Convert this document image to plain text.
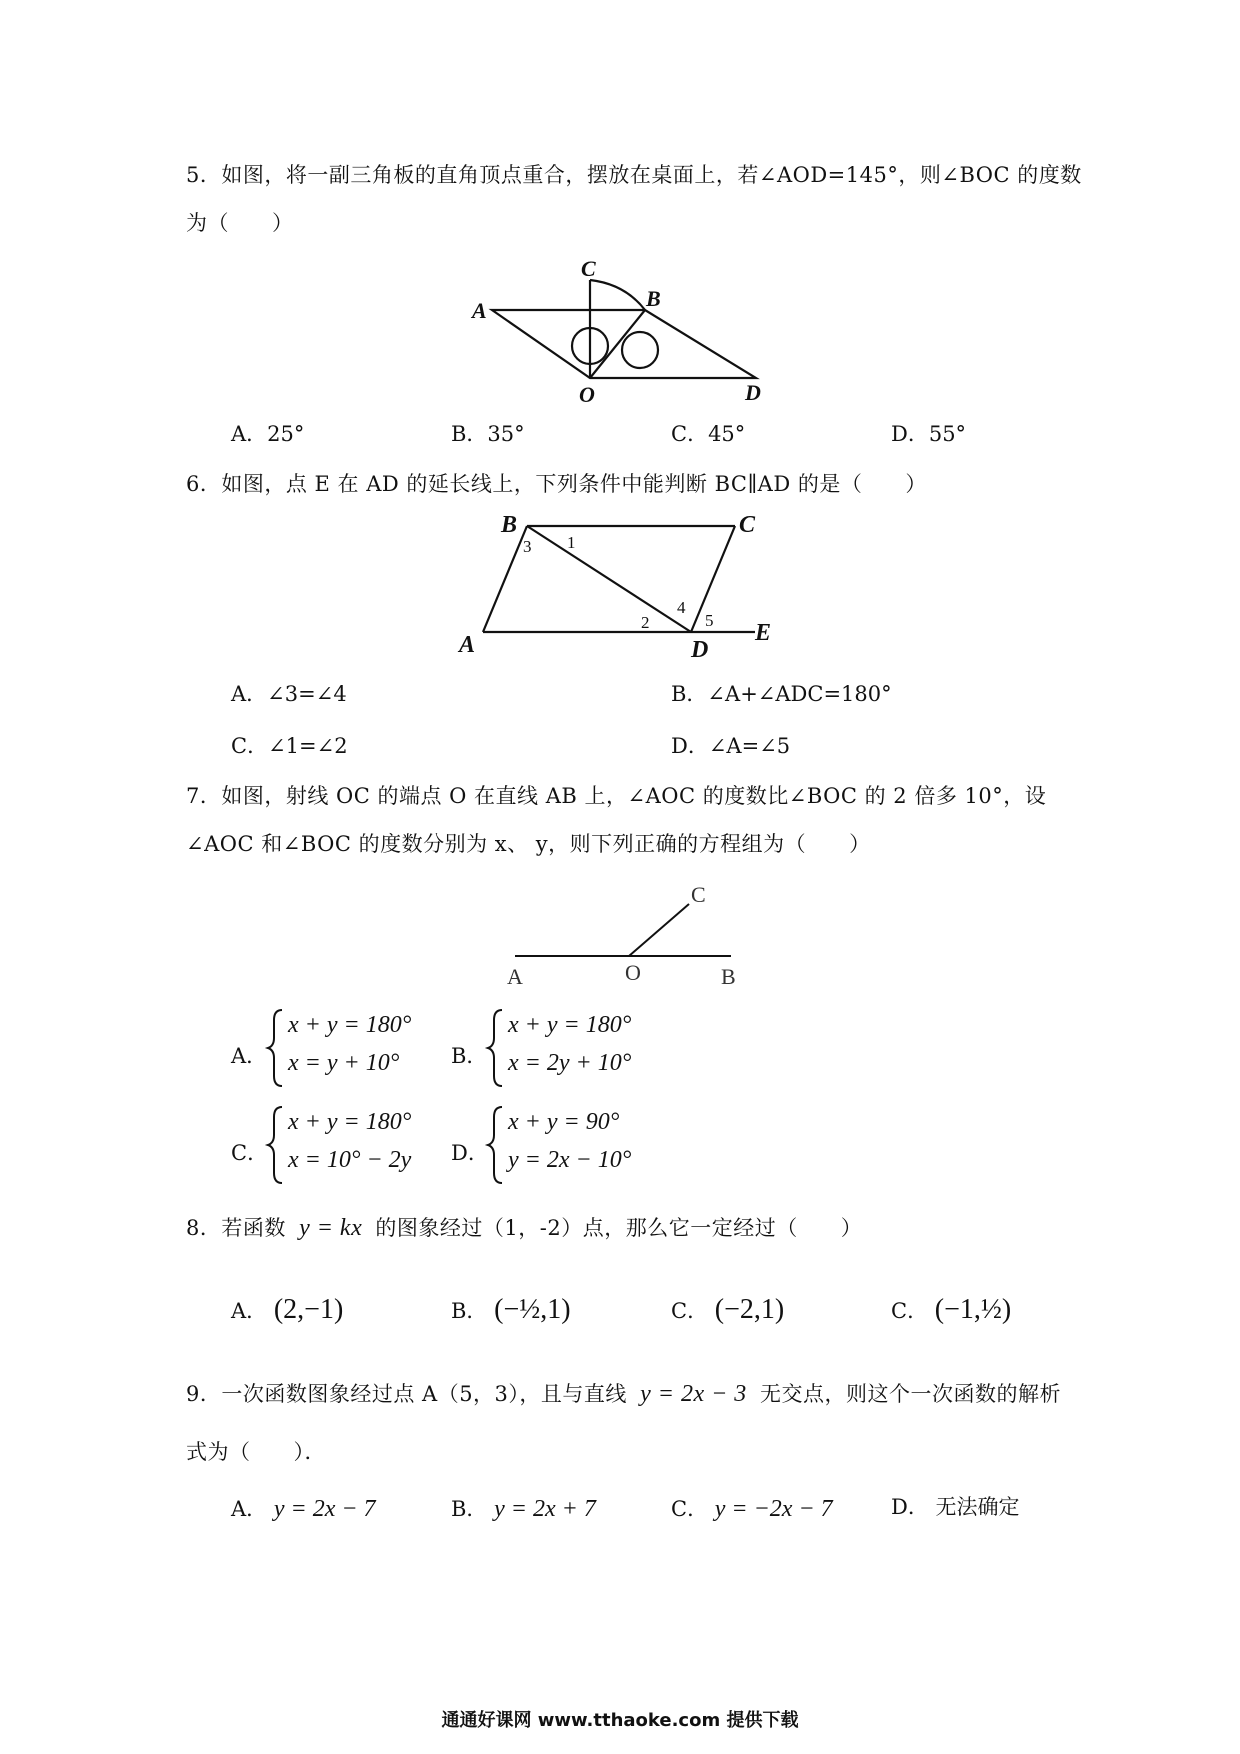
5．如图，将一副三角板的直角顶点重合，摆放在桌面上，若∠AOD=145°，则∠BOC 的度数
为（　　）
A	B
C
D
O
A．25°	B．35°	C．45°	D．55°
6．如图，点 E 在 AD 的延长线上，下列条件中能判断 BC∥AD 的是（　　）
B	C
A	D
E
1
3
2
4
5
A．∠3=∠4	B．∠A+∠ADC=180°
C．∠1=∠2	D．∠A=∠5
7．如图，射线 OC 的端点 O 在直线 AB 上，∠AOC 的度数比∠BOC 的 2 倍多 10°，设
∠AOC 和∠BOC 的度数分别为 x、 y，则下列正确的方程组为（　　）
A	O	B
C
A．
x + y = 180°
x = y + 10° B．
x + y = 180°
x = 2y + 10°
C．
x + y = 180°
x = 10° − 2y D．
x + y = 90°
y = 2x − 10°
8．若函数 y = kx 的图象经过（1，-2）点，那么它一定经过（　　）
A． (2,−1)	B． (−½,1)	C． (−2,1)	C． (−1,½)
9．一次函数图象经过点 A（5，3），且与直线 y = 2x − 3 无交点，则这个一次函数的解析
式为（　　）．
A． y = 2x − 7	B． y = 2x + 7	C． y = −2x − 7	D． 无法确定
通通好课网 www.tthaoke.com 提供下载
